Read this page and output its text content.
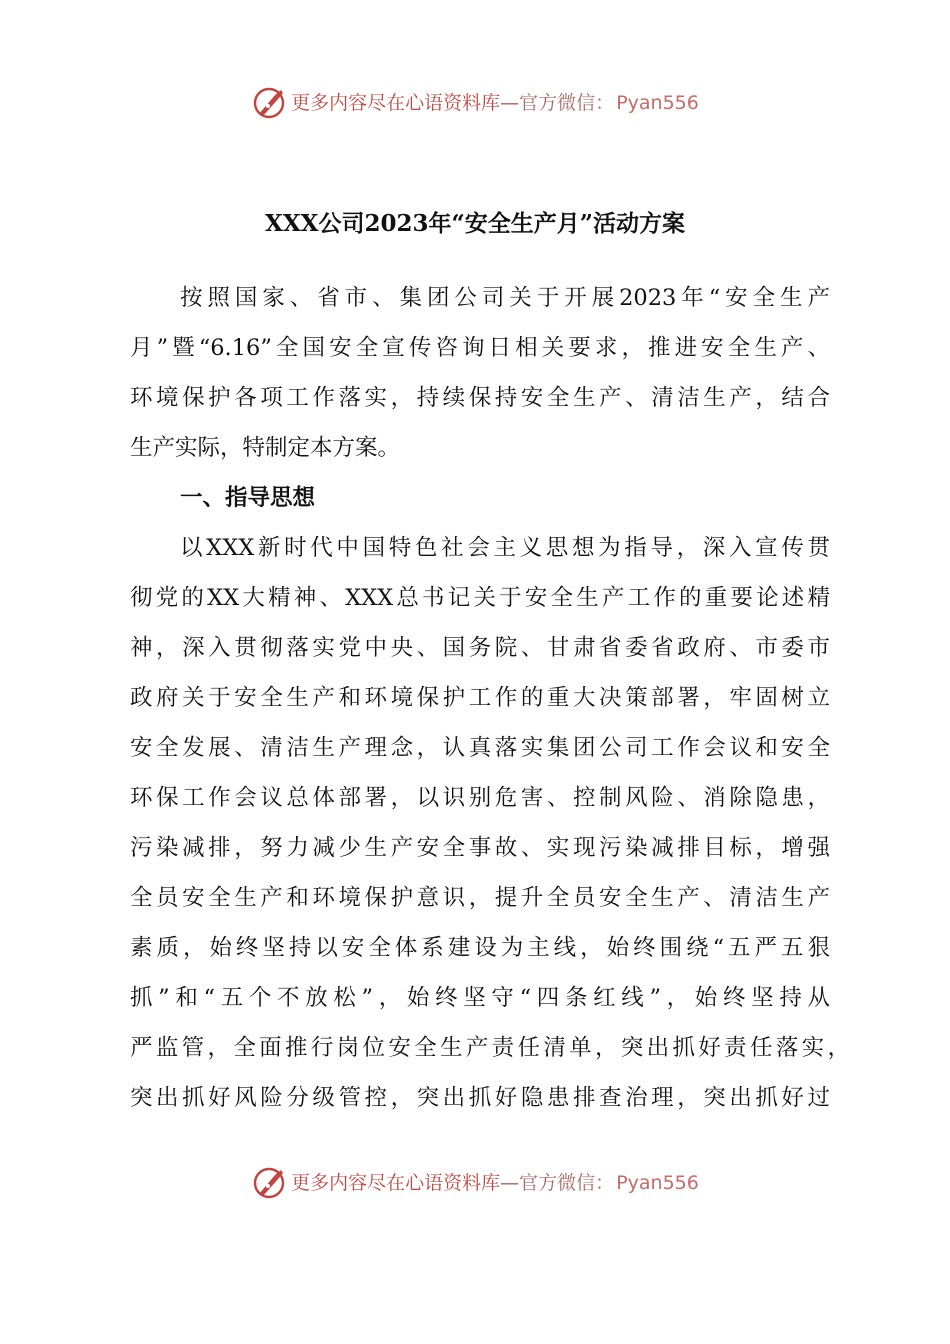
更多内容尽在心语资料库 — 官方微信： Pyan556
XXX公司2023年“安全生产月”活动方案
按照国家、省市、集团公司关于开展2023年“安全生产
月”暨“6.16”全国安全宣传咨询日相关要求，推进安全生产、
环境保护各项工作落实，持续保持安全生产、清洁生产，结合
生产实际，特制定本方案。
一、指导思想
以XXX新时代中国特色社会主义思想为指导，深入宣传贯
彻党的XX大精神、XXX总书记关于安全生产工作的重要论述精
神，深入贯彻落实党中央、国务院、甘肃省委省政府、市委市
政府关于安全生产和环境保护工作的重大决策部署，牢固树立
安全发展、清洁生产理念，认真落实集团公司工作会议和安全
环保工作会议总体部署，以识别危害、控制风险、消除隐患，
污染减排，努力减少生产安全事故、实现污染减排目标，增强
全员安全生产和环境保护意识，提升全员安全生产、清洁生产
素质，始终坚持以安全体系建设为主线，始终围绕“五严五狠
抓”和“五个不放松”，始终坚守“四条红线”，始终坚持从
严监管，全面推行岗位安全生产责任清单，突出抓好责任落实，
突出抓好风险分级管控，突出抓好隐患排查治理，突出抓好过
更多内容尽在心语资料库 — 官方微信： Pyan556
